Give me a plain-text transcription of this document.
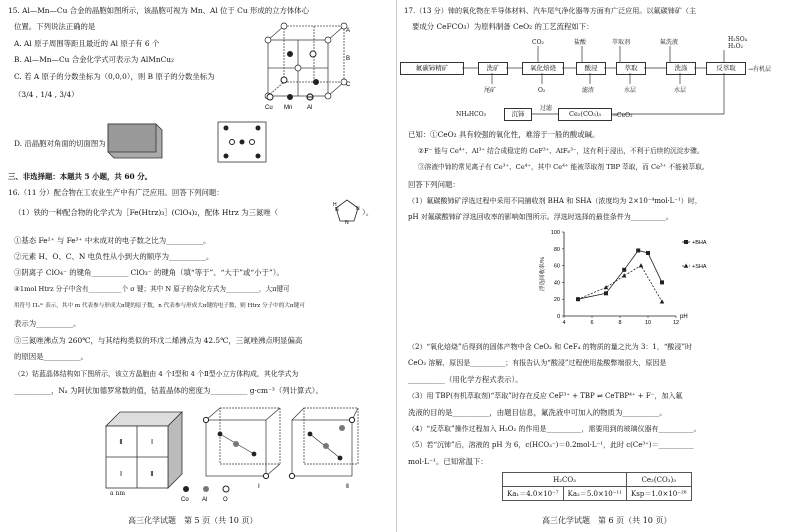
15. Al—Mn—Cu 合金的晶胞如图所示，该晶胞可视为 Mn、Al 位于 Cu 形成的立方体体心
位置。下列说法正确的是
A. Al 原子周围等距且最近的 Al 原子有 6 个
B. Al—Mn—Cu 合金化学式可表示为 AlMnCu₂
C. 若 A 原子的分数坐标为（0,0,0），则 B 原子的分数坐标为
（3/4 , 1/4 , 3/4）
D. 沿晶胞对角面的切面图为
A
B
C
Cu Mn Al
三、非选择题：本题共 5 小题，共 60 分。
16.（11 分）配合物在工农业生产中有广泛应用。回答下列问题：
（1）铁的一种配合物的化学式为［Fe(Htrz)₃］(ClO₄)₂，配体 Htrz 为三氮唑（
H
N	N
N
）。
①基态 Fe²⁺ 与 Fe³⁺ 中未成对的电子数之比为__________。
②元素 H、O、C、N 电负性从小到大的顺序为__________。
③阴离子 ClO₄⁻ 的键角__________ ClO₃⁻ 的键角（填“等于”、“大于”或“小于”）。
④1mol Htrz 分子中含有__________个 σ 键；其中 N 原子的杂化方式为__________，大π键可
用符号 Πₙᵐ 表示，其中 m 代表参与形成大π键的原子数，n 代表参与形成大π键的电子数，则 Htrz 分子中的大π键可
表示为__________。
⑤三氮唑沸点为 260℃，与其结构类似的环戊二烯沸点为 42.5℃，三氮唑沸点明显偏高
的原因是__________。
（2）钴蓝晶体结构如下图所示，该立方晶胞由 4 个Ⅰ型和 4 个Ⅱ型小立方体构成，其化学式为
__________，Nₐ 为阿伏加德罗常数的值，钴蓝晶体的密度为__________ g·cm⁻³（列计算式）。
Ⅱ	Ⅰ
Ⅰ	Ⅱ
Ⅰ	Ⅱ
Co Al	O
a nm
高三化学试题　第 5 页（共 10 页）
17.（13 分）铈的氧化物在半导体材料、汽车尾气净化器等方面有广泛应用。以氟碳铈矿（主
要成分 CeFCO₃）为原料制备 CeO₂ 的工艺流程如下：
CO₂	盐酸	萃取剂	氟洗液	H₂SO₄ H₂O₂
氟碳铈精矿	洗矿	氧化焙烧	酸浸	萃取	洗涤	反萃取	→有机层
尾矿	O₂	滤渣	水层	水层
NH₄HCO₃	沉铈
过滤
Ce₂(CO₃)₃	→CeO₂
已知：①CeO₂ 具有较强的氧化性，难溶于一般的酸或碱。
②F⁻ 能与 Ce⁴⁺、Al³⁺ 结合成稳定的 CeF³⁺、AlF₆³⁻，这有利于浸出，不利于后续的沉淀步骤。
③溶液中铈的常见离子有 Ce³⁺、Ce⁴⁺，其中 Ce⁴⁺ 能被萃取剂 TBP 萃取，而 Ce³⁺ 不能被萃取。
回答下列问题：
（1）氟碳酸铈矿浮选过程中采用不同捕收剂 BHA 和 SHA（浓度均为 2×10⁻⁴mol·L⁻¹）时，
pH 对氟碳酸铈矿浮选回收率的影响如图所示。浮选时选择的最佳条件为__________。
0
20
40
60
80
100
4	6	8	10	12
pH
浮选回收率/%
+BHA
+SHA
（2）“氧化焙烧”后得到的固体产物中含 CeO₂ 和 CeF₄ 的物质的量之比为 3：1，“酸浸”时
CeO₂ 溶解，原因是__________；有报告认为“酸浸”过程使用盐酸弊端很大，原因是
__________（用化学方程式表示）。
（3）用 TBP(有机萃取剂)“萃取”时存在反应 CeF³⁺ + TBP ⇌ CeTBP⁴⁺ + F⁻，加入氟
洗液的目的是__________，由题目信息，氟洗液中可加入的物质为__________。
（4）“反萃取”操作过程加入 H₂O₂ 的作用是__________，需要用到的玻璃仪器有__________。
（5）若“沉铈”后，溶液的 pH 为 6，c(HCO₃⁻)＝0.2mol·L⁻¹，此时 c(Ce³⁺)＝__________
mol·L⁻¹。已知常温下：
H₂CO₃		Ce₂(CO₃)₃
Ka₁＝4.0×10⁻⁷	Ka₂＝5.0×10⁻¹¹	Ksp＝1.0×10⁻²⁸
高三化学试题　第 6 页（共 10 页）
